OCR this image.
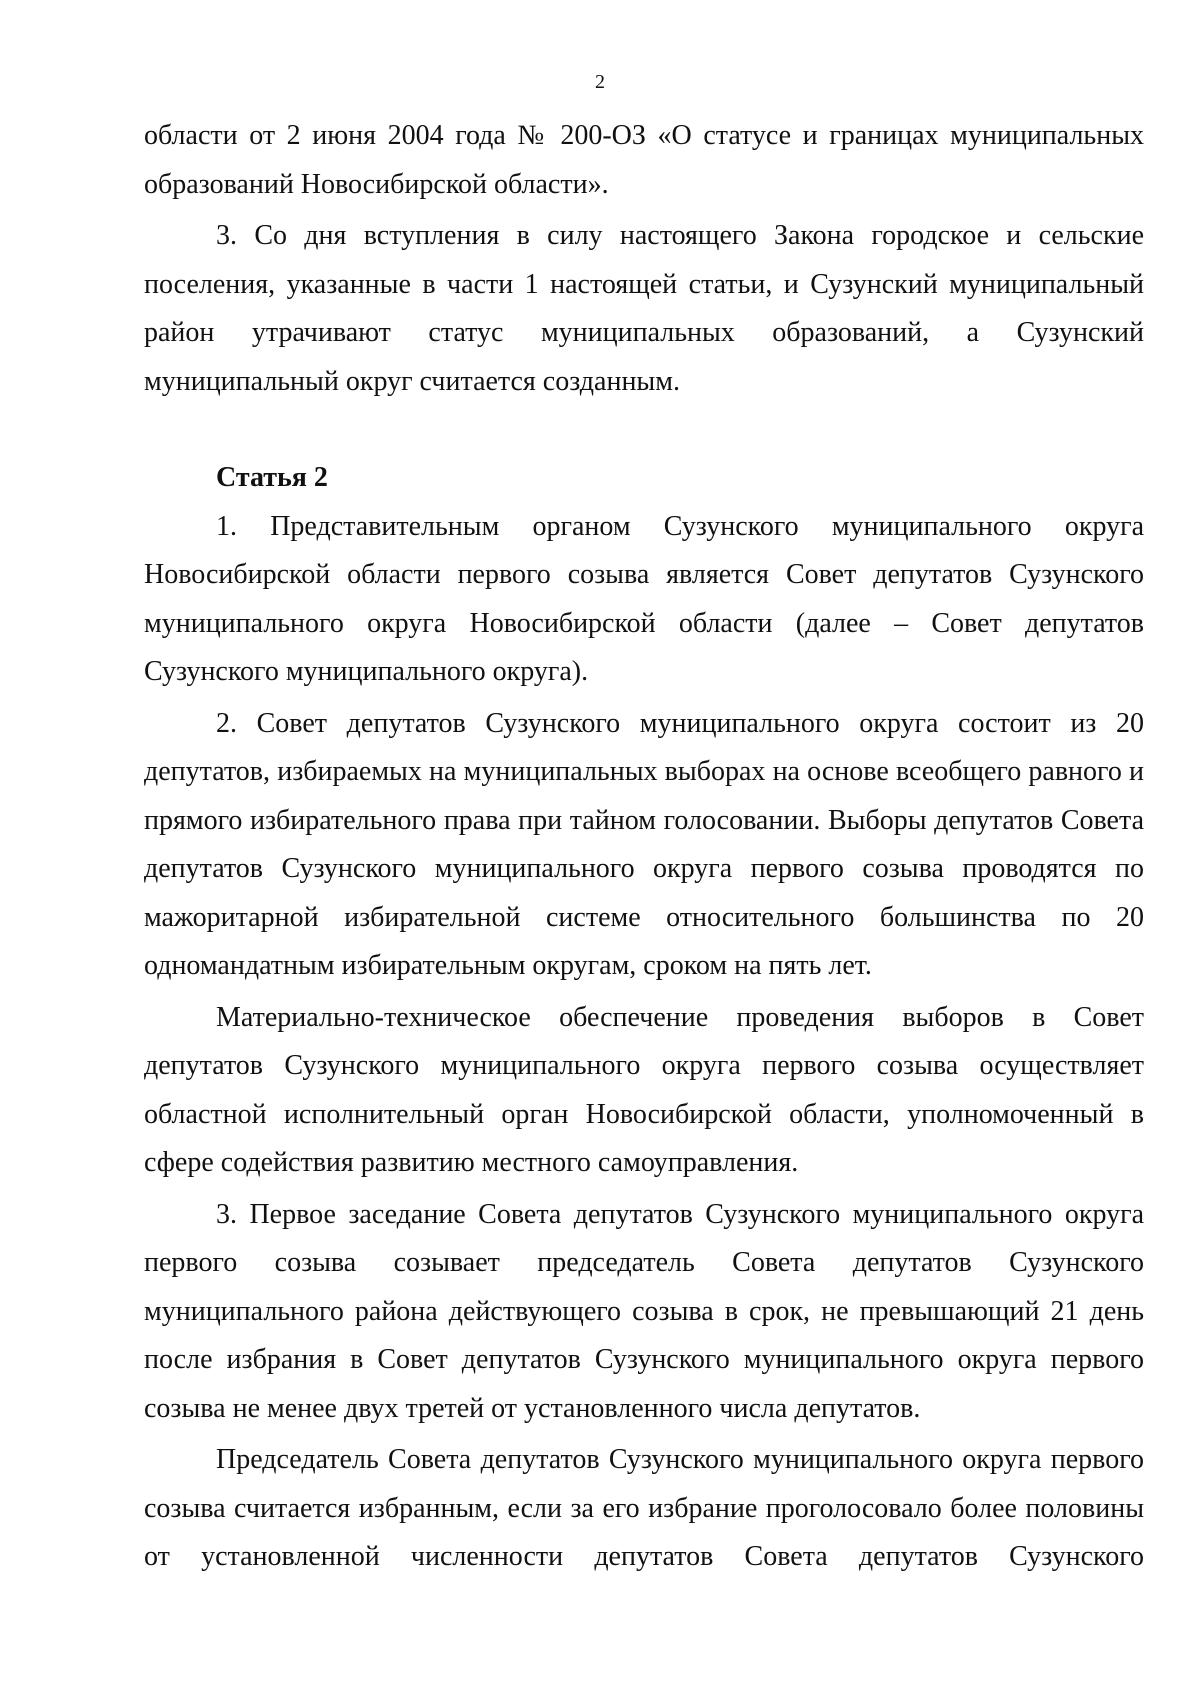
2

области от 2 июня 2004 года № 200-ОЗ «О статусе и границах муниципальных образований Новосибирской области».

3. Со дня вступления в силу настоящего Закона городское и сельские поселения, указанные в части 1 настоящей статьи, и Сузунский муниципальный район утрачивают статус муниципальных образований, а Сузунский муниципальный округ считается созданным.

Статья 2

1. Представительным органом Сузунского муниципального округа Новосибирской области первого созыва является Совет депутатов Сузунского муниципального округа Новосибирской области (далее – Совет депутатов Сузунского муниципального округа).

2. Совет депутатов Сузунского муниципального округа состоит из 20 депутатов, избираемых на муниципальных выборах на основе всеобщего равного и прямого избирательного права при тайном голосовании. Выборы депутатов Совета депутатов Сузунского муниципального округа первого созыва проводятся по мажоритарной избирательной системе относительного большинства по 20 одномандатным избирательным округам, сроком на пять лет.

Материально-техническое обеспечение проведения выборов в Совет депутатов Сузунского муниципального округа первого созыва осуществляет областной исполнительный орган Новосибирской области, уполномоченный в сфере содействия развитию местного самоуправления.

3. Первое заседание Совета депутатов Сузунского муниципального округа первого созыва созывает председатель Совета депутатов Сузунского муниципального района действующего созыва в срок, не превышающий 21 день после избрания в Совет депутатов Сузунского муниципального округа первого созыва не менее двух третей от установленного числа депутатов.

Председатель Совета депутатов Сузунского муниципального округа первого созыва считается избранным, если за его избрание проголосовало более половины от установленной численности депутатов Совета депутатов Сузунского
